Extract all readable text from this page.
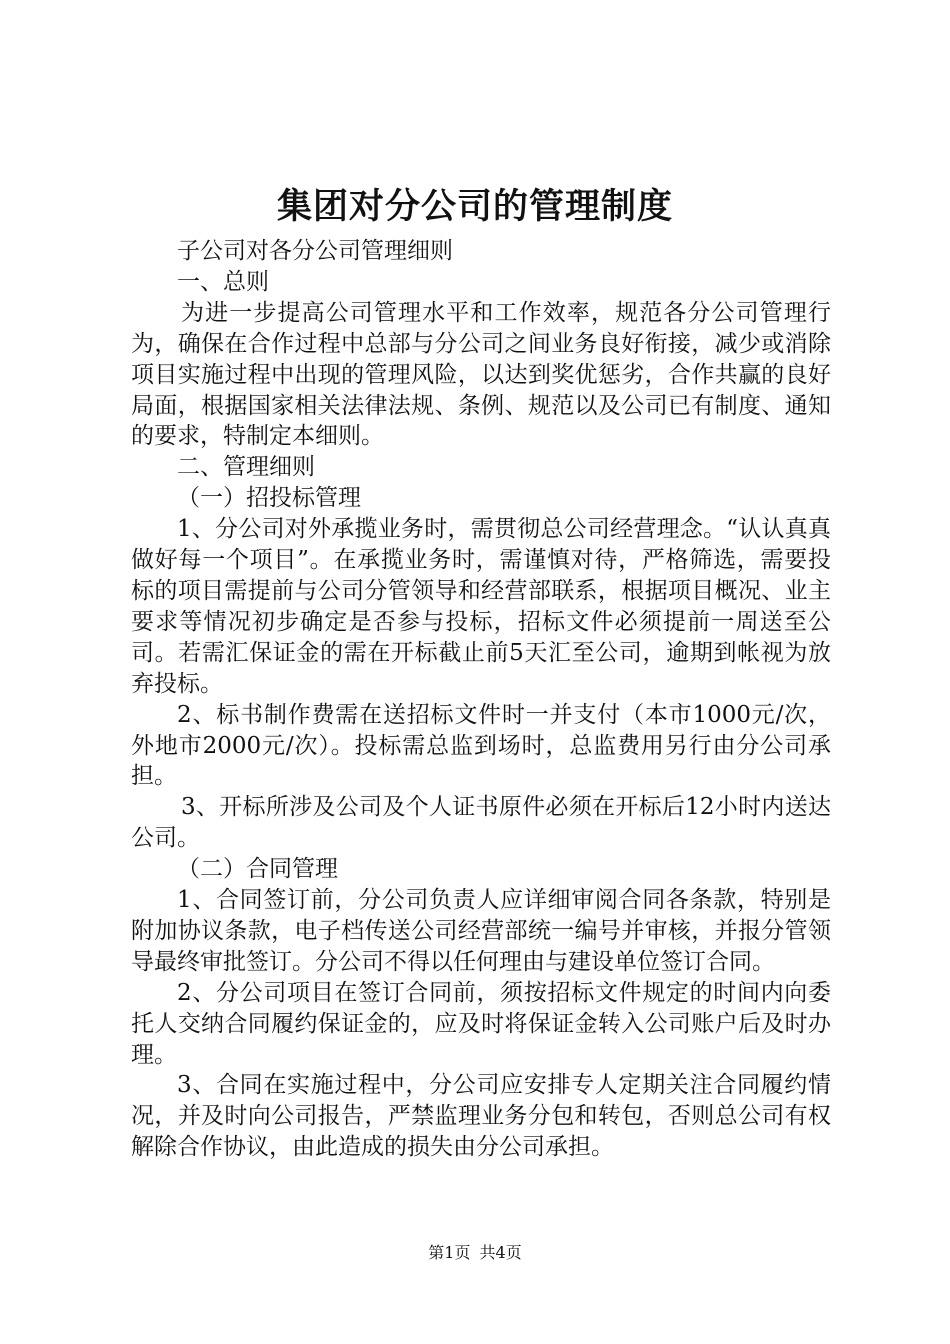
集团对分公司的管理制度

子公司对各分公司管理细则

一、总则

为进一步提高公司管理水平和工作效率，规范各分公司管理行为，确保在合作过程中总部与分公司之间业务良好衔接，减少或消除项目实施过程中出现的管理风险，以达到奖优惩劣，合作共赢的良好局面，根据国家相关法律法规、条例、规范以及公司已有制度、通知的要求，特制定本细则。

二、管理细则

（一）招投标管理

1、分公司对外承揽业务时，需贯彻总公司经营理念。“认认真真做好每一个项目”。在承揽业务时，需谨慎对待，严格筛选，需要投标的项目需提前与公司分管领导和经营部联系，根据项目概况、业主要求等情况初步确定是否参与投标，招标文件必须提前一周送至公司。若需汇保证金的需在开标截止前5天汇至公司，逾期到帐视为放弃投标。

2、标书制作费需在送招标文件时一并支付（本市1000元/次，外地市2000元/次）。投标需总监到场时，总监费用另行由分公司承担。

3、开标所涉及公司及个人证书原件必须在开标后12小时内送达公司。

（二）合同管理

1、合同签订前，分公司负责人应详细审阅合同各条款，特别是附加协议条款，电子档传送公司经营部统一编号并审核，并报分管领导最终审批签订。分公司不得以任何理由与建设单位签订合同。

2、分公司项目在签订合同前，须按招标文件规定的时间内向委托人交纳合同履约保证金的，应及时将保证金转入公司账户后及时办理。

3、合同在实施过程中，分公司应安排专人定期关注合同履约情况，并及时向公司报告，严禁监理业务分包和转包，否则总公司有权解除合作协议，由此造成的损失由分公司承担。

第1页 共4页
